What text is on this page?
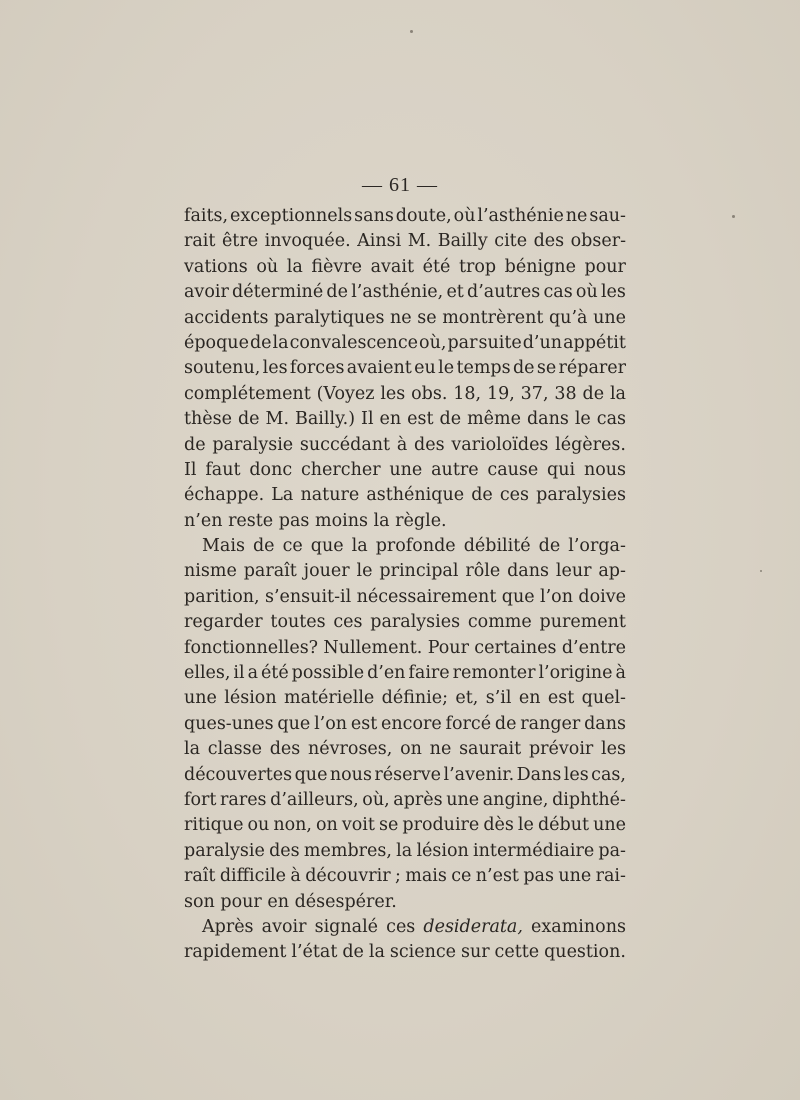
— 61 —
faits, exceptionnels sans doute, où l’asthénie ne sau-
rait être invoquée. Ainsi M. Bailly cite des obser-
vations où la fièvre avait été trop bénigne pour
avoir déterminé de l’asthénie, et d’autres cas où les
accidents paralytiques ne se montrèrent qu’à une
époque de la convalescence où, par suite d’un appétit
soutenu, les forces avaient eu le temps de se réparer
complétement (Voyez les obs. 18, 19, 37, 38 de la
thèse de M. Bailly.) Il en est de même dans le cas
de paralysie succédant à des varioloïdes légères.
Il faut donc chercher une autre cause qui nous
échappe. La nature asthénique de ces paralysies
n’en reste pas moins la règle.
Mais de ce que la profonde débilité de l’orga-
nisme paraît jouer le principal rôle dans leur ap-
parition, s’ensuit-il nécessairement que l’on doive
regarder toutes ces paralysies comme purement
fonctionnelles? Nullement. Pour certaines d’entre
elles, il a été possible d’en faire remonter l’origine à
une lésion matérielle définie; et, s’il en est quel-
ques-unes que l’on est encore forcé de ranger dans
la classe des névroses, on ne saurait prévoir les
découvertes que nous réserve l’avenir. Dans les cas,
fort rares d’ailleurs, où, après une angine, diphthé-
ritique ou non, on voit se produire dès le début une
paralysie des membres, la lésion intermédiaire pa-
raît difficile à découvrir ; mais ce n’est pas une rai-
son pour en désespérer.
Après avoir signalé ces desiderata, examinons
rapidement l’état de la science sur cette question.
